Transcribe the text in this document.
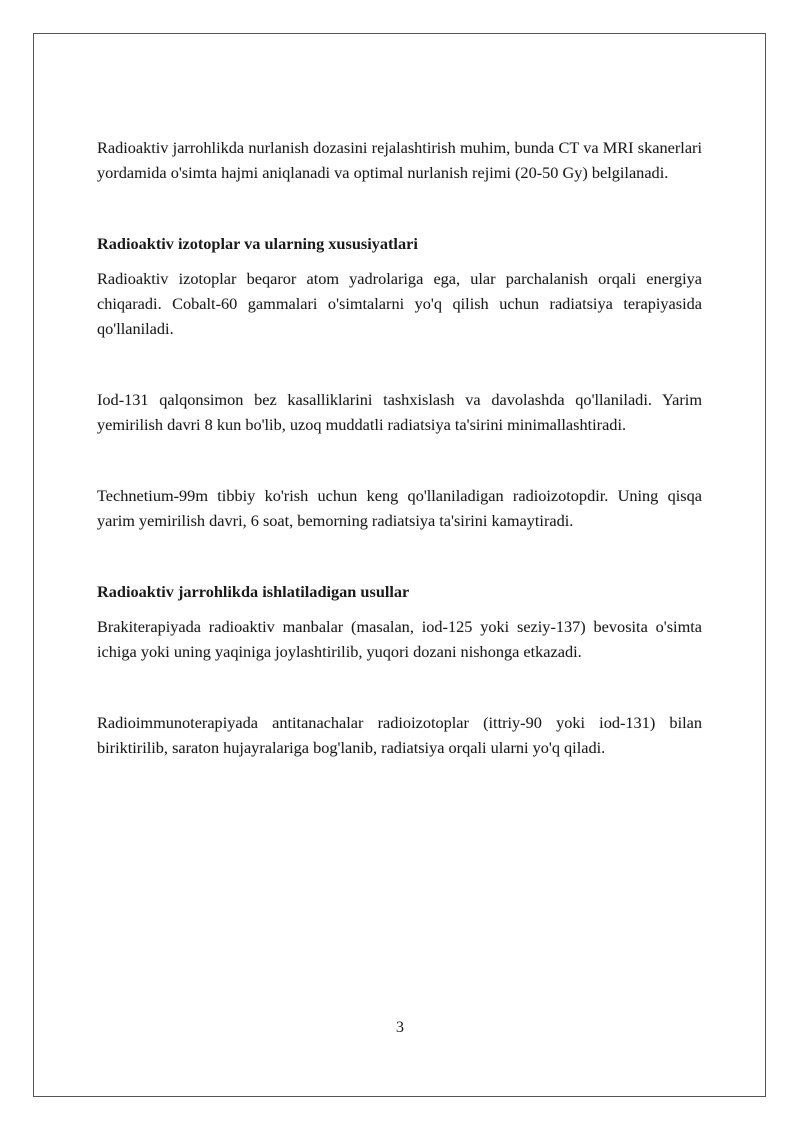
Radioaktiv jarrohlikda nurlanish dozasini rejalashtirish muhim, bunda CT va MRI skanerlari yordamida o'simta hajmi aniqlanadi va optimal nurlanish rejimi (20-50 Gy) belgilanadi.

Radioaktiv izotoplar va ularning xususiyatlari

Radioaktiv izotoplar beqaror atom yadrolariga ega, ular parchalanish orqali energiya chiqaradi. Cobalt-60 gammalari o'simtalarni yo'q qilish uchun radiatsiya terapiyasida qo'llaniladi.

Iod-131 qalqonsimon bez kasalliklarini tashxislash va davolashda qo'llaniladi. Yarim yemirilish davri 8 kun bo'lib, uzoq muddatli radiatsiya ta'sirini minimallashtiradi.

Technetium-99m tibbiy ko'rish uchun keng qo'llaniladigan radioizotopdir. Uning qisqa yarim yemirilish davri, 6 soat, bemorning radiatsiya ta'sirini kamaytiradi.

Radioaktiv jarrohlikda ishlatiladigan usullar

Brakiterapiyada radioaktiv manbalar (masalan, iod-125 yoki seziy-137) bevosita o'simta ichiga yoki uning yaqiniga joylashtirilib, yuqori dozani nishonga etkazadi.

Radioimmunoterapiyada antitanachalar radioizotoplar (ittriy-90 yoki iod-131) bilan biriktirilib, saraton hujayralariga bog'lanib, radiatsiya orqali ularni yo'q qiladi.

3
